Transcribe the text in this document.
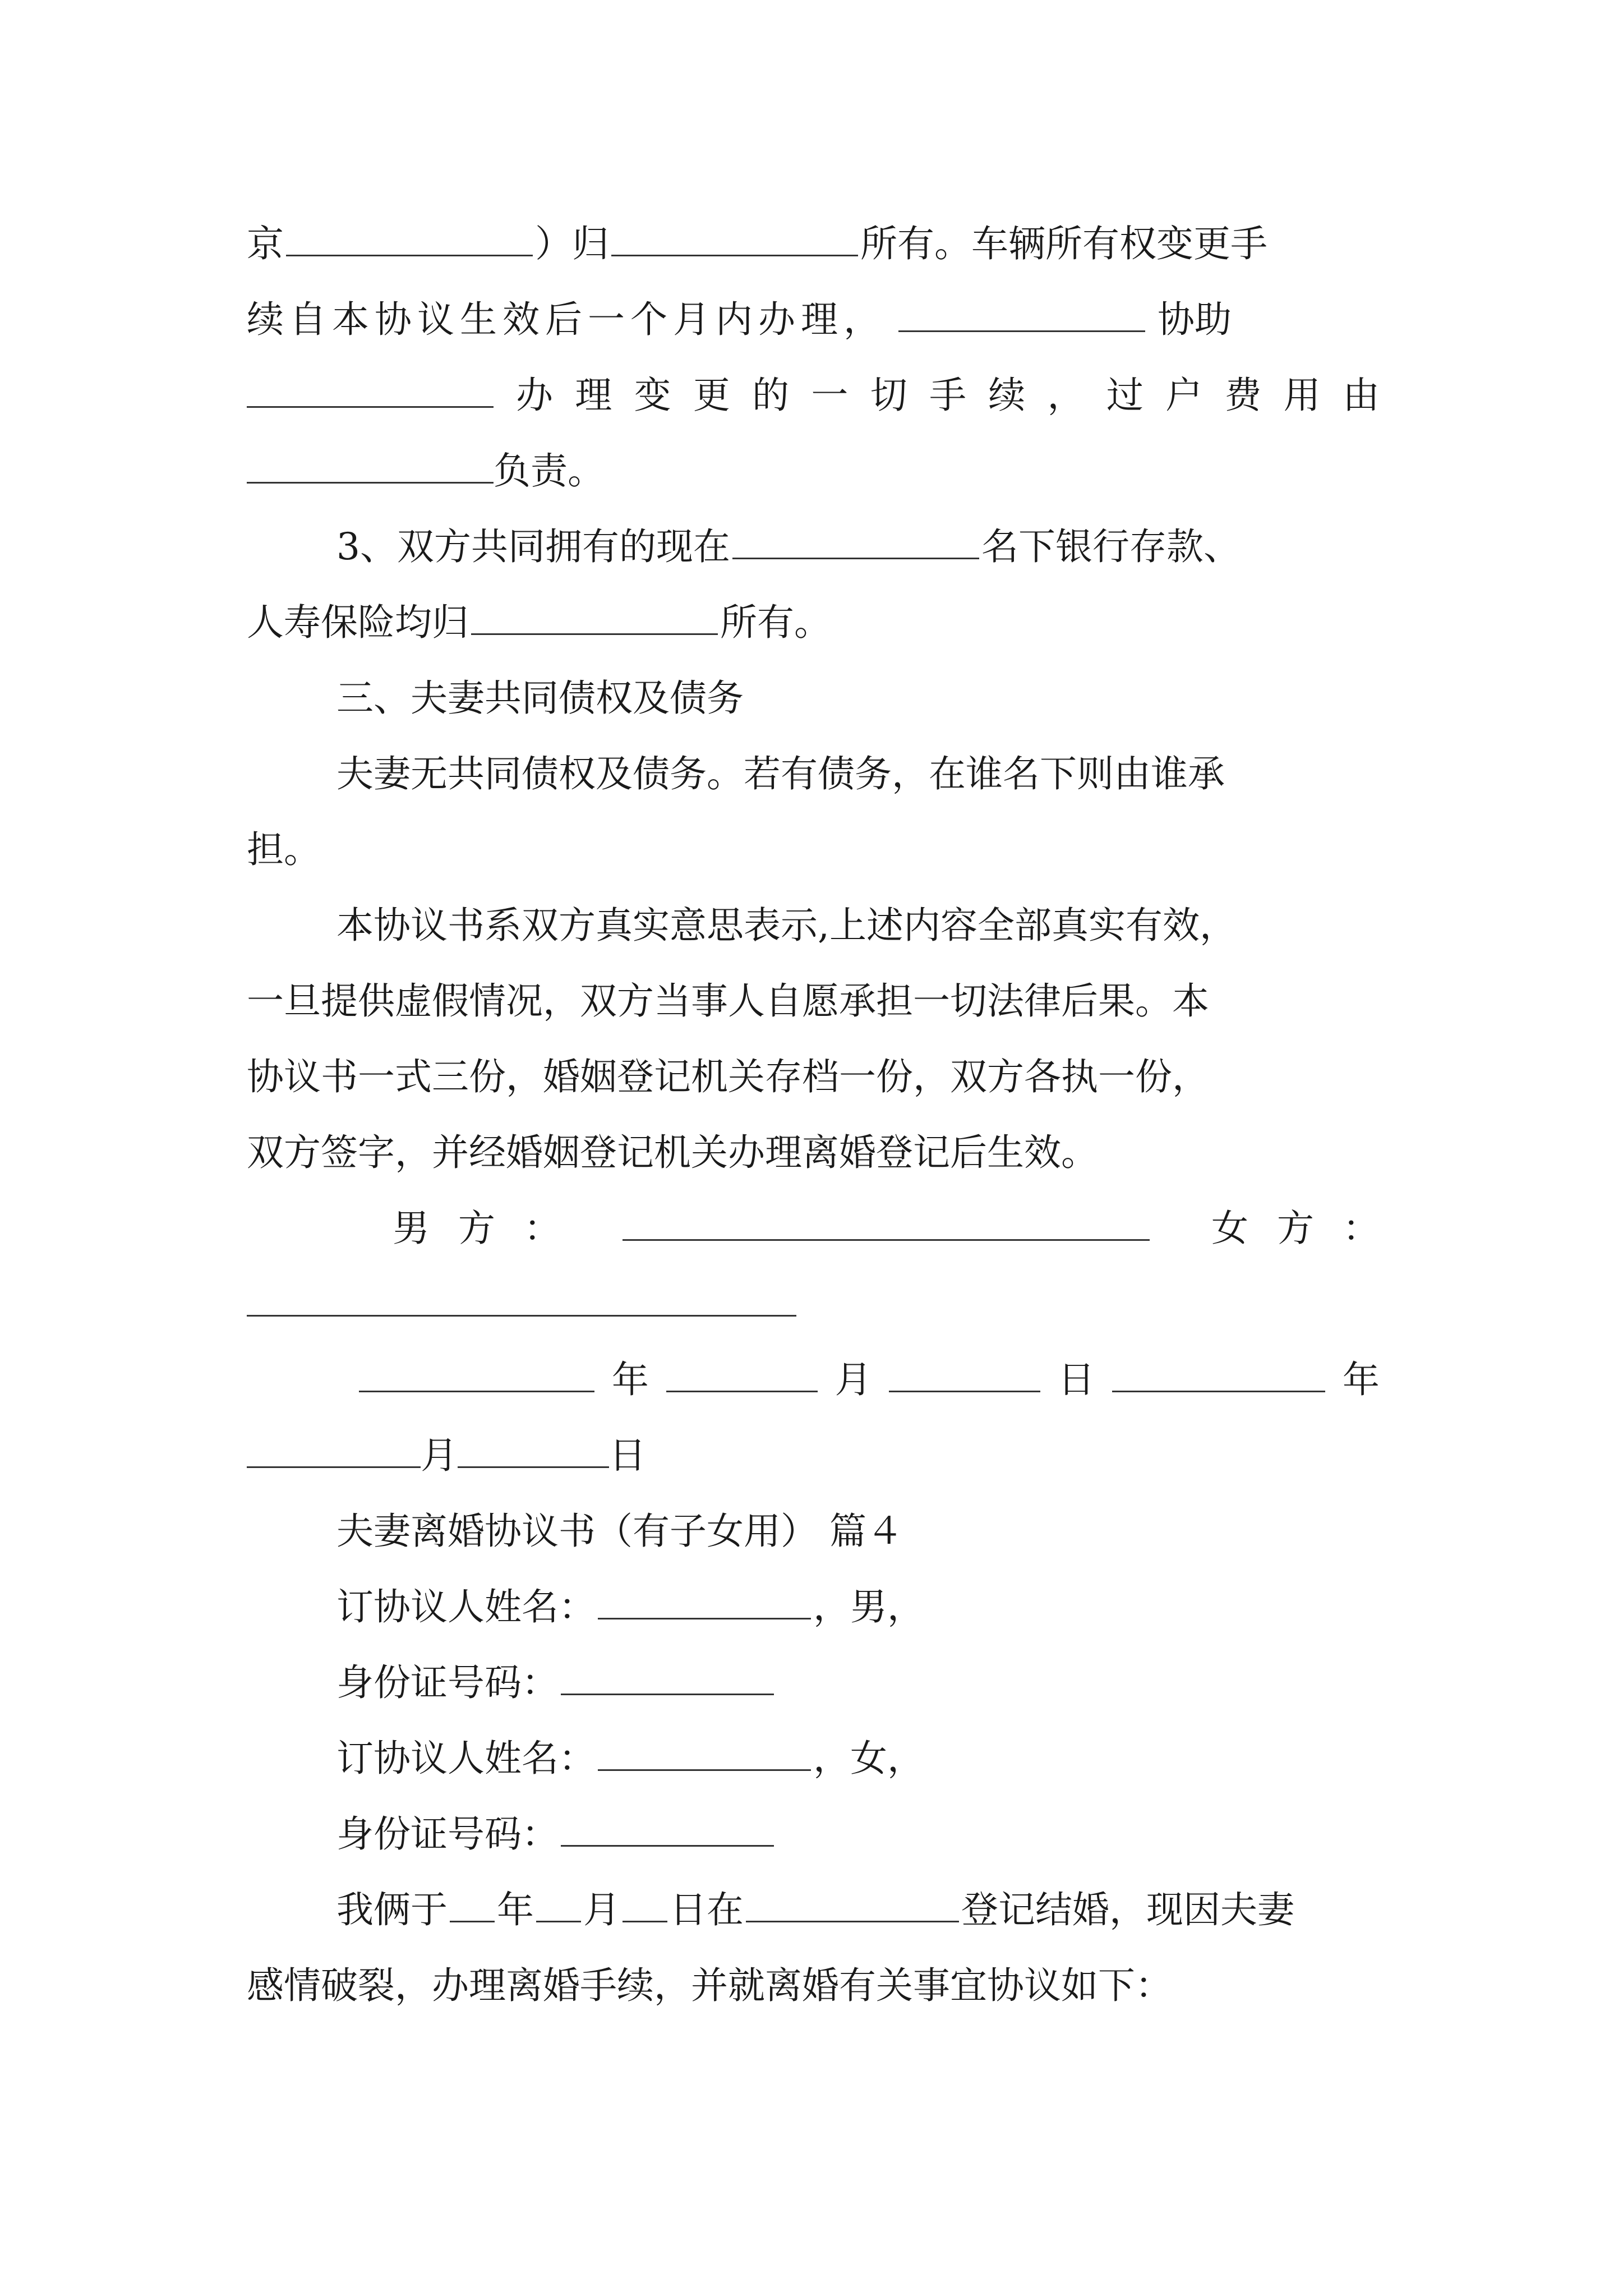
京	）归	所有。车辆所有权变更手
续自本协议生效后一个月内办理，	协助
办 理 变 更 的 一 切 手 续 ， 过 户 费 用 由
负责。
3、双方共同拥有的现在	名下银行存款、
人寿保险均归	所有。
三、夫妻共同债权及债务
夫妻无共同债权及债务。若有债务，在谁名下则由谁承
担。
本协议书系双方真实意思表示,上述内容全部真实有效，
一旦提供虚假情况，双方当事人自愿承担一切法律后果。本
协议书一式三份，婚姻登记机关存档一份，双方各执一份，
双方签字，并经婚姻登记机关办理离婚登记后生效。
男 方 ：	女 方 ：
年	月	日	年
月	日
夫妻离婚协议书（有子女用） 篇４
订协议人姓名：	，男，
身份证号码：
订协议人姓名：	，女，
身份证号码：
我俩于 年 月 日在	登记结婚，现因夫妻
感情破裂，办理离婚手续，并就离婚有关事宜协议如下：
